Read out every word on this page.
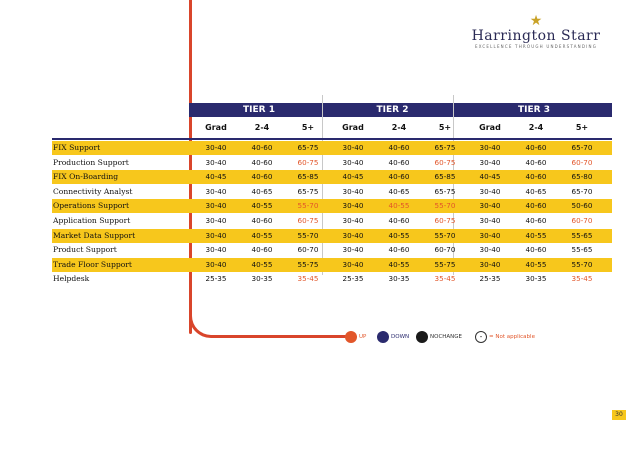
★
Harrington Starr
EXCELLENCE THROUGH UNDERSTANDING
TIER 1	TIER 2	TIER 3
Grad	2-4	5+	Grad	2-4	5+	Grad	2-4	5+
FIX Support	30-40	40-60	65-75	30-40	40-60	65-75	30-40	40-60	65-70
Production Support	30-40	40-60	60-75	30-40	40-60	60-75	30-40	40-60	60-70
FIX On-Boarding	40-45	40-60	65-85	40-45	40-60	65-85	40-45	40-60	65-80
Connectivity Analyst	30-40	40-65	65-75	30-40	40-65	65-75	30-40	40-65	65-70
Operations Support	30-40	40-55	55-70	30-40	40-55	55-70	30-40	40-60	50-60
Application Support	30-40	40-60	60-75	30-40	40-60	60-75	30-40	40-60	60-70
Market Data Support	30-40	40-55	55-70	30-40	40-55	55-70	30-40	40-55	55-65
Product Support	30-40	40-60	60-70	30-40	40-60	60-70	30-40	40-60	55-65
Trade Floor Support	30-40	40-55	55-75	30-40	40-55	55-75	30-40	40-55	55-70
Helpdesk	25-35	30-35	35-45	25-35	30-35	35-45	25-35	30-35	35-45
UP	DOWN	NOCHANGE	-	= Not applicable
30
